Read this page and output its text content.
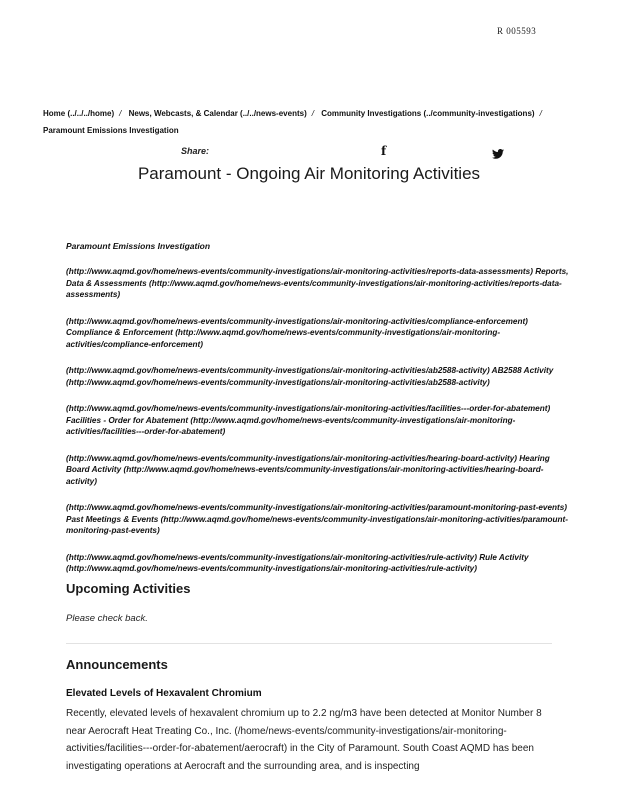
R 005593
Home (../../../home) / News, Webcasts, & Calendar (../../news-events) / Community Investigations (../community-investigations) /
Paramount Emissions Investigation
Share:	f
Paramount - Ongoing Air Monitoring Activities
Paramount Emissions Investigation
(http://www.aqmd.gov/home/news-events/community-investigations/air-monitoring-activities/reports-data-assessments) Reports, Data & Assessments (http://www.aqmd.gov/home/news-events/community-investigations/air-monitoring-activities/reports-data-assessments)
(http://www.aqmd.gov/home/news-events/community-investigations/air-monitoring-activities/compliance-enforcement) Compliance & Enforcement (http://www.aqmd.gov/home/news-events/community-investigations/air-monitoring-activities/compliance-enforcement)
(http://www.aqmd.gov/home/news-events/community-investigations/air-monitoring-activities/ab2588-activity) AB2588 Activity (http://www.aqmd.gov/home/news-events/community-investigations/air-monitoring-activities/ab2588-activity)
(http://www.aqmd.gov/home/news-events/community-investigations/air-monitoring-activities/facilities---order-for-abatement) Facilities - Order for Abatement (http://www.aqmd.gov/home/news-events/community-investigations/air-monitoring-activities/facilities---order-for-abatement)
(http://www.aqmd.gov/home/news-events/community-investigations/air-monitoring-activities/hearing-board-activity) Hearing Board Activity (http://www.aqmd.gov/home/news-events/community-investigations/air-monitoring-activities/hearing-board-activity)
(http://www.aqmd.gov/home/news-events/community-investigations/air-monitoring-activities/paramount-monitoring-past-events) Past Meetings & Events (http://www.aqmd.gov/home/news-events/community-investigations/air-monitoring-activities/paramount-monitoring-past-events)
(http://www.aqmd.gov/home/news-events/community-investigations/air-monitoring-activities/rule-activity) Rule Activity (http://www.aqmd.gov/home/news-events/community-investigations/air-monitoring-activities/rule-activity)
Upcoming Activities
Please check back.
Announcements
Elevated Levels of Hexavalent Chromium

Recently, elevated levels of hexavalent chromium up to 2.2 ng/m3 have been detected at Monitor Number 8 near Aerocraft Heat Treating Co., Inc. (/home/news-events/community-investigations/air-monitoring-activities/facilities---order-for-abatement/aerocraft) in the City of Paramount. South Coast AQMD has been investigating operations at Aerocraft and the surrounding area, and is inspecting
